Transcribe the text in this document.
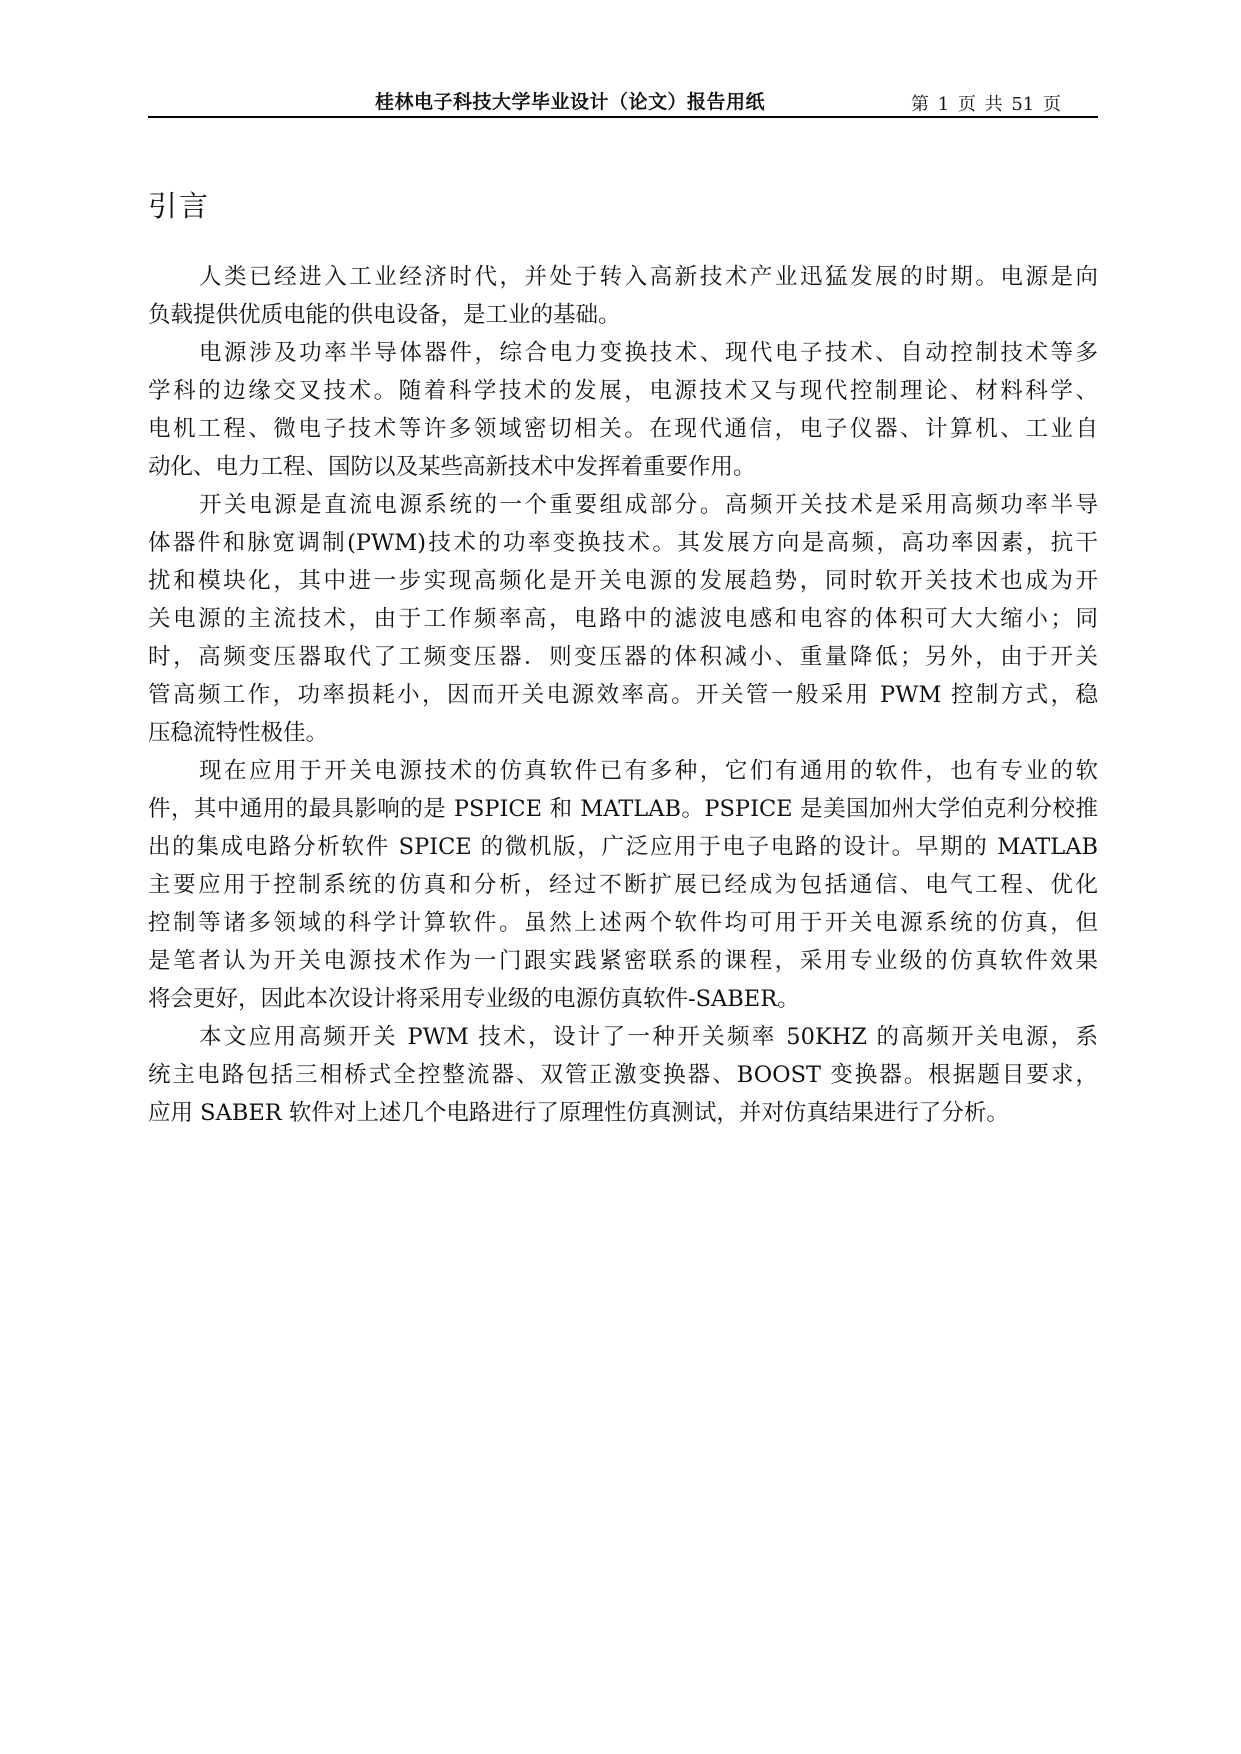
桂林电子科技大学毕业设计（论文）报告用纸	第 1 页 共 51 页
引言

人类已经进入工业经济时代，并处于转入高新技术产业迅猛发展的时期。电源是向
负载提供优质电能的供电设备，是工业的基础。

电源涉及功率半导体器件，综合电力变换技术、现代电子技术、自动控制技术等多
学科的边缘交叉技术。随着科学技术的发展，电源技术又与现代控制理论、材料科学、
电机工程、微电子技术等许多领域密切相关。在现代通信，电子仪器、计算机、工业自
动化、电力工程、国防以及某些高新技术中发挥着重要作用。

开关电源是直流电源系统的一个重要组成部分。高频开关技术是采用高频功率半导
体器件和脉宽调制(PWM)技术的功率变换技术。其发展方向是高频，高功率因素，抗干
扰和模块化，其中进一步实现高频化是开关电源的发展趋势，同时软开关技术也成为开
关电源的主流技术，由于工作频率高，电路中的滤波电感和电容的体积可大大缩小；同
时，高频变压器取代了工频变压器．则变压器的体积减小、重量降低；另外，由于开关
管高频工作，功率损耗小，因而开关电源效率高。开关管一般采用 PWM 控制方式，稳
压稳流特性极佳。

现在应用于开关电源技术的仿真软件已有多种，它们有通用的软件，也有专业的软
件，其中通用的最具影响的是 PSPICE 和 MATLAB。PSPICE 是美国加州大学伯克利分校推
出的集成电路分析软件 SPICE 的微机版，广泛应用于电子电路的设计。早期的 MATLAB
主要应用于控制系统的仿真和分析，经过不断扩展已经成为包括通信、电气工程、优化
控制等诸多领域的科学计算软件。虽然上述两个软件均可用于开关电源系统的仿真，但
是笔者认为开关电源技术作为一门跟实践紧密联系的课程，采用专业级的仿真软件效果
将会更好，因此本次设计将采用专业级的电源仿真软件-SABER。

本文应用高频开关 PWM 技术，设计了一种开关频率 50KHZ 的高频开关电源，系
统主电路包括三相桥式全控整流器、双管正激变换器、BOOST 变换器。根据题目要求，
应用 SABER 软件对上述几个电路进行了原理性仿真测试，并对仿真结果进行了分析。
